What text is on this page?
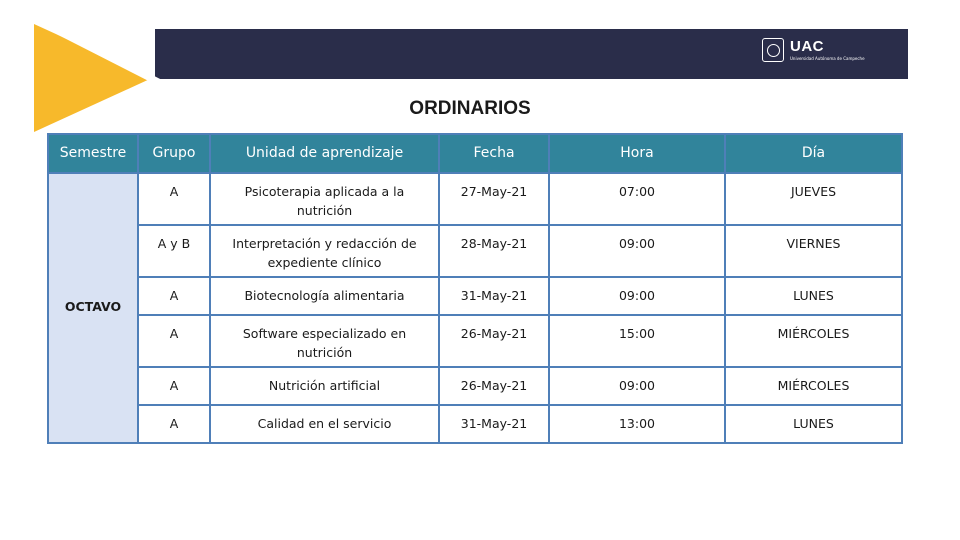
UAC
Universidad Autónoma de Campeche
ORDINARIOS
Semestre	Grupo	Unidad de aprendizaje	Fecha	Hora	Día
OCTAVO	A	Psicoterapia aplicada a la nutrición	27-May-21	07:00	JUEVES
	A y B	Interpretación y redacción de expediente clínico	28-May-21	09:00	VIERNES
	A	Biotecnología alimentaria	31-May-21	09:00	LUNES
	A	Software especializado en nutrición	26-May-21	15:00	MIÉRCOLES
	A	Nutrición artificial	26-May-21	09:00	MIÉRCOLES
	A	Calidad en el servicio	31-May-21	13:00	LUNES
